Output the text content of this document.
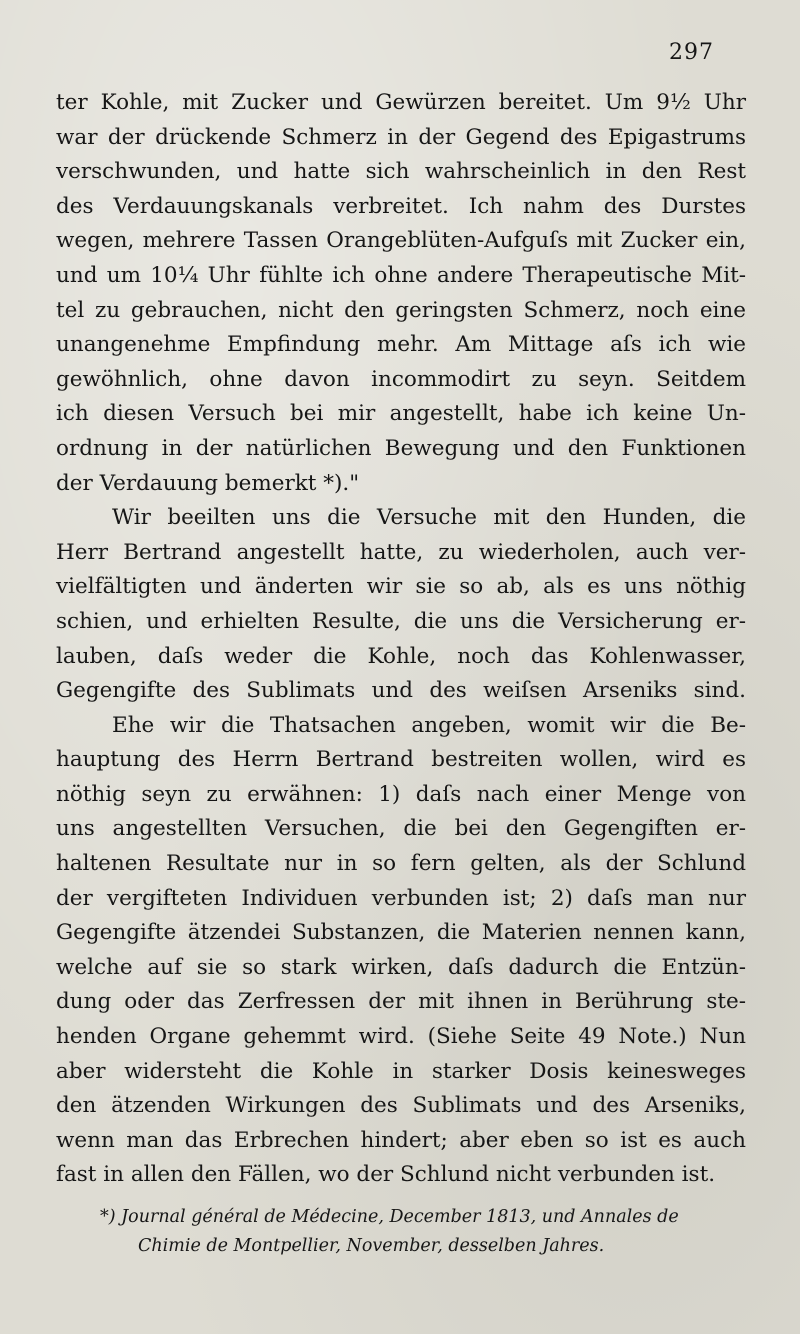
297
ter Kohle, mit Zucker und Gewürzen bereitet. Um 9½ Uhr
war der drückende Schmerz in der Gegend des Epigastrums
verschwunden, und hatte sich wahrscheinlich in den Rest
des Verdauungskanals verbreitet. Ich nahm des Durstes
wegen, mehrere Tassen Orangeblüten-Aufguſs mit Zucker ein,
und um 10¼ Uhr fühlte ich ohne andere Therapeutische Mit-
tel zu gebrauchen, nicht den geringsten Schmerz, noch eine
unangenehme Empfindung mehr. Am Mittage aſs ich wie
gewöhnlich, ohne davon incommodirt zu seyn. Seitdem
ich diesen Versuch bei mir angestellt, habe ich keine Un-
ordnung in der natürlichen Bewegung und den Funktionen
der Verdauung bemerkt *)."
Wir beeilten uns die Versuche mit den Hunden, die
Herr Bertrand angestellt hatte, zu wiederholen, auch ver-
vielfältigten und änderten wir sie so ab, als es uns nöthig
schien, und erhielten Resulte, die uns die Versicherung er-
lauben, daſs weder die Kohle, noch das Kohlenwasser,
Gegengifte des Sublimats und des weiſsen Arseniks sind.
Ehe wir die Thatsachen angeben, womit wir die Be-
hauptung des Herrn Bertrand bestreiten wollen, wird es
nöthig seyn zu erwähnen: 1) daſs nach einer Menge von
uns angestellten Versuchen, die bei den Gegengiften er-
haltenen Resultate nur in so fern gelten, als der Schlund
der vergifteten Individuen verbunden ist; 2) daſs man nur
Gegengifte ätzendei Substanzen, die Materien nennen kann,
welche auf sie so stark wirken, daſs dadurch die Entzün-
dung oder das Zerfressen der mit ihnen in Berührung ste-
henden Organe gehemmt wird. (Siehe Seite 49 Note.) Nun
aber widersteht die Kohle in starker Dosis keinesweges
den ätzenden Wirkungen des Sublimats und des Arseniks,
wenn man das Erbrechen hindert; aber eben so ist es auch
fast in allen den Fällen, wo der Schlund nicht verbunden ist.
*) Journal général de Médecine, December 1813, und Annales de
Chimie de Montpellier, November, desselben Jahres.
